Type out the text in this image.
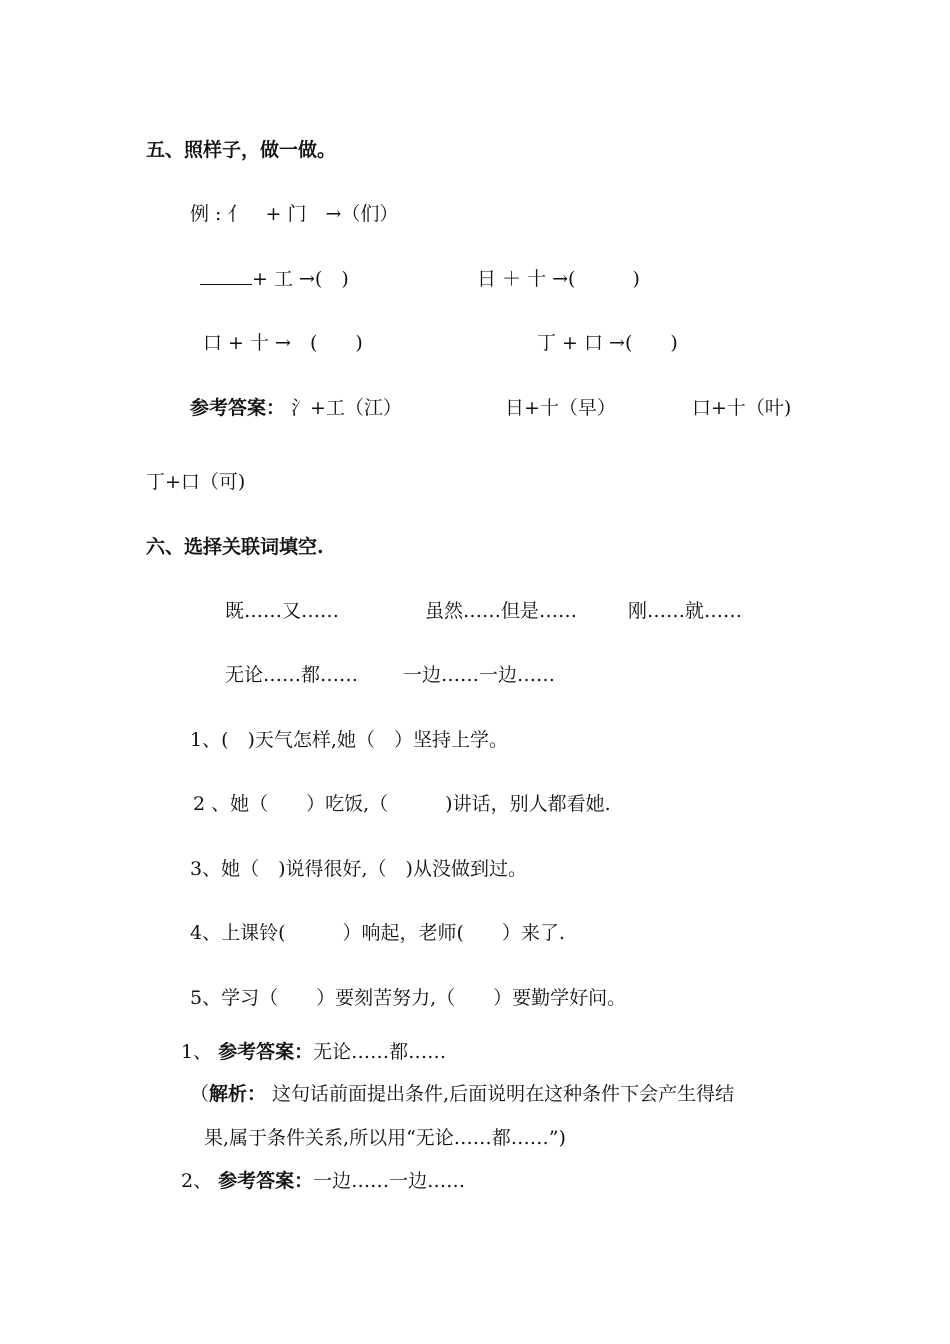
五、照样子，做一做。
例 : 亻　+ 门　→（们）
+ 工 →(　)	日 ＋ 十 →(　　　)
口 + 十 →　(　　)	丁 + 口 →(　　)
参考答案： 氵+工（江）	日+十（早）	口+十（叶)
丁+口（可)
六、选择关联词填空.
既……又……	虽然……但是……	刚……就……
无论……都…… 一边……一边……
1、(　)天气怎样,她（　）坚持上学。
2 、她（　　）吃饭,（　　　)讲话，别人都看她.
3、她（　)说得很好,（　)从没做到过。
4、上课铃(　　　）响起，老师(　　）来了.
5、学习（　　）要刻苦努力,（　　）要勤学好问。
1、 参考答案：无论……都……
（解析： 这句话前面提出条件,后面说明在这种条件下会产生得结
果,属于条件关系,所以用“无论……都……”)
2、 参考答案：一边……一边……
